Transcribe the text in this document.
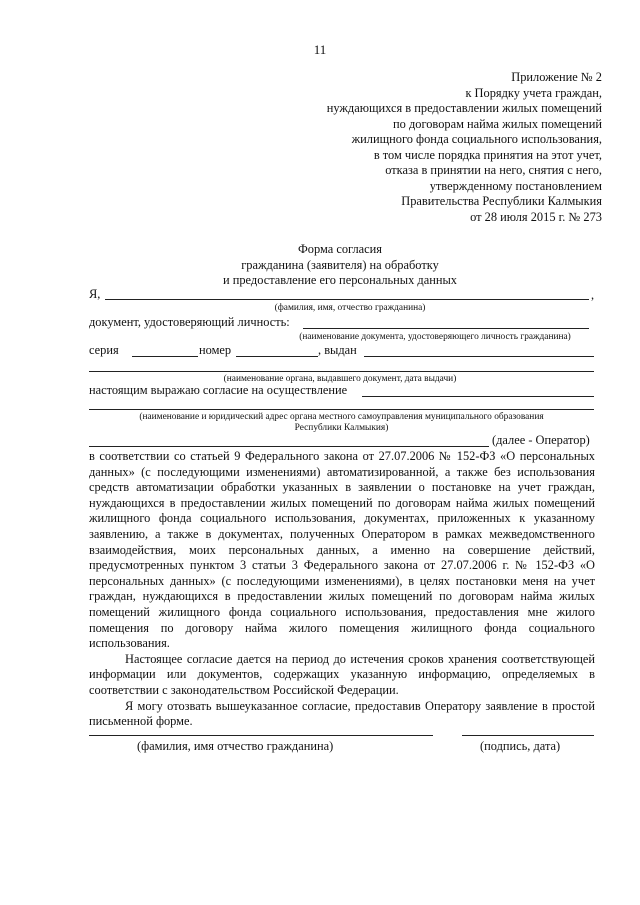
11
Приложение № 2
к Порядку учета граждан,
нуждающихся в предоставлении жилых помещений
по договорам найма жилых помещений
жилищного фонда социального использования,
в том числе порядка принятия на этот учет,
отказа в принятии на него, снятия с него,
утвержденному постановлением
Правительства Республики Калмыкия
от 28 июля 2015 г. № 273
Форма согласия
гражданина (заявителя) на обработку
и предоставление его персональных данных
Я,	,
(фамилия, имя, отчество гражданина)
документ, удостоверяющий личность:
(наименование документа, удостоверяющего личность гражданина)
серия	номер	, выдан
(наименование органа, выдавшего документ, дата выдачи)
настоящим выражаю согласие на осуществление
(наименование и юридический адрес органа местного самоуправления муниципального образования
Республики Калмыкия)
(далее - Оператор)

в соответствии со статьей 9 Федерального закона от 27.07.2006 № 152-ФЗ «О персональных данных» (с последующими изменениями) автоматизированной, а также без использования средств автоматизации обработки указанных в заявлении о постановке на учет граждан, нуждающихся в предоставлении жилых помещений по договорам найма жилых помещений жилищного фонда социального использования, документах, приложенных к указанному заявлению, а также в документах, полученных Оператором в рамках межведомственного взаимодействия, моих персональных данных, а именно на совершение действий, предусмотренных пунктом 3 статьи 3 Федерального закона от 27.07.2006 г. № 152-ФЗ «О персональных данных» (с последующими изменениями), в целях постановки меня на учет граждан, нуждающихся в предоставлении жилых помещений по договорам найма жилых помещений жилищного фонда социального использования, предоставления мне жилого помещения по договору найма жилого помещения жилищного фонда социального использования.

Настоящее согласие дается на период до истечения сроков хранения соответствующей информации или документов, содержащих указанную информацию, определяемых в соответствии с законодательством Российской Федерации.

Я могу отозвать вышеуказанное согласие, предоставив Оператору заявление в простой письменной форме.

(фамилия, имя отчество гражданина)	(подпись, дата)
